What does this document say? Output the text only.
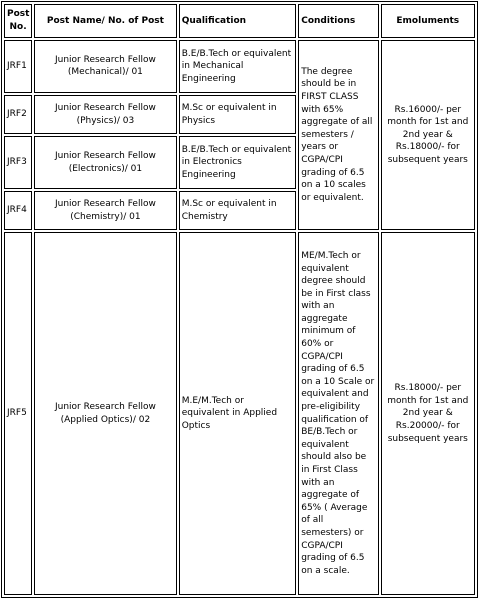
Post No.	Post Name/ No. of Post	Qualification	Conditions	Emoluments
JRF1	Junior Research Fellow (Mechanical)/ 01	B.E/B.Tech or equivalent in Mechanical Engineering	The degree should be in FIRST CLASS with 65% aggregate of all semesters / years or CGPA/CPI grading of 6.5 on a 10 scales or equivalent.	Rs.16000/- per month for 1st and 2nd year & Rs.18000/- for subsequent years
JRF2	Junior Research Fellow (Physics)/ 03	M.Sc or equivalent in Physics		
JRF3	Junior Research Fellow (Electronics)/ 01	B.E/B.Tech or equivalent in Electronics Engineering		
JRF4	Junior Research Fellow (Chemistry)/ 01	M.Sc or equivalent in Chemistry		
JRF5	Junior Research Fellow (Applied Optics)/ 02	M.E/M.Tech or equivalent in Applied Optics	ME/M.Tech or equivalent degree should be in First class with an aggregate minimum of 60% or CGPA/CPI grading of 6.5 on a 10 Scale or equivalent and pre-eligibility qualification of BE/B.Tech or equivalent should also be in First Class with an aggregate of 65% ( Average of all semesters) or CGPA/CPI grading of 6.5 on a scale.	Rs.18000/- per month for 1st and 2nd year & Rs.20000/- for subsequent years
